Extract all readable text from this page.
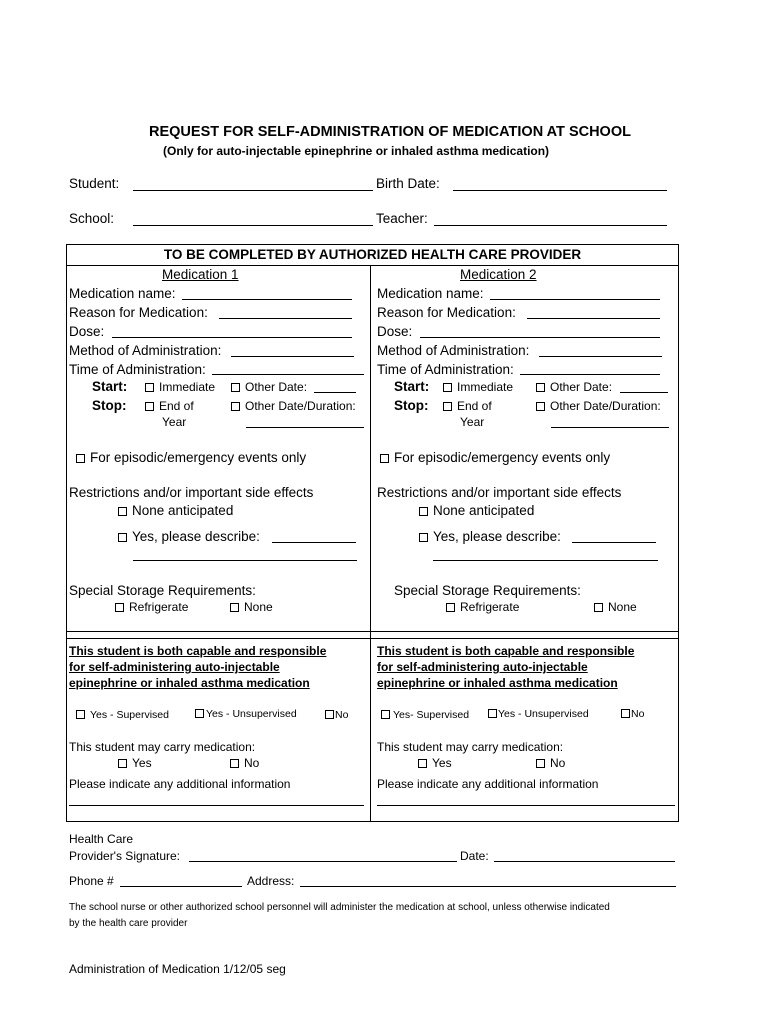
REQUEST FOR SELF-ADMINISTRATION OF MEDICATION AT SCHOOL
(Only for auto-injectable epinephrine or inhaled asthma medication)
Student:	Birth Date:
School:	Teacher:
TO BE COMPLETED BY AUTHORIZED HEALTH CARE PROVIDER
Medication 1
Medication name:
Reason for Medication:
Dose:
Method of Administration:
Time of Administration:
Start:	Immediate	Other Date:
Stop:	End of
Year
Other Date/Duration:
For episodic/emergency events only
Restrictions and/or important side effects
None anticipated
Yes, please describe:
Special Storage Requirements:
Refrigerate	None
Medication 2
Medication name:
Reason for Medication:
Dose:
Method of Administration:
Time of Administration:
Start:	Immediate	Other Date:
Stop:	End of
Year
Other Date/Duration:
For episodic/emergency events only
Restrictions and/or important side effects
None anticipated
Yes, please describe:
Special Storage Requirements:
Refrigerate	None
This student is both capable and responsible
for self-administering auto-injectable
epinephrine or inhaled asthma medication
Yes - Supervised	Yes - Unsupervised	No
This student may carry medication:
Yes	No
Please indicate any additional information
This student is both capable and responsible
for self-administering auto-injectable
epinephrine or inhaled asthma medication
Yes- Supervised	Yes - Unsupervised	No
This student may carry medication:
Yes	No
Please indicate any additional information
Health Care
Provider's Signature:	Date:
Phone #	Address:
The school nurse or other authorized school personnel will administer the medication at school, unless otherwise indicated
by the health care provider
Administration of Medication 1/12/05 seg
